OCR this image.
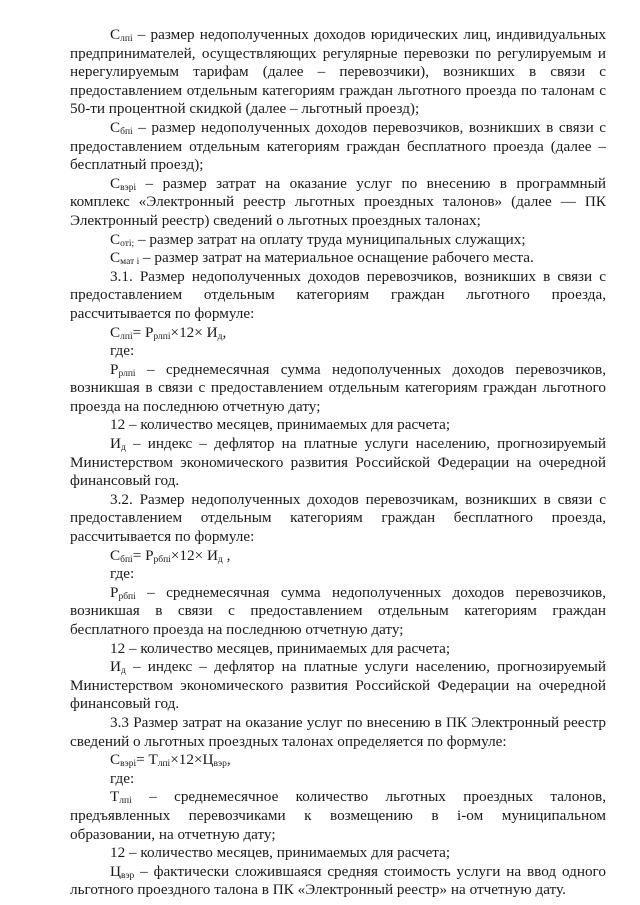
$С_{лпi}$ – размер недополученных доходов юридических лиц, индивидуальных предпринимателей, осуществляющих регулярные перевозки по регулируемым и нерегулируемым тарифам (далее – перевозчики), возникших в связи с предоставлением отдельным категориям граждан льготного проезда по талонам с 50-ти процентной скидкой (далее – льготный проезд);

$С_{бпi}$ – размер недополученных доходов перевозчиков, возникших в связи с предоставлением отдельным категориям граждан бесплатного проезда (далее – бесплатный проезд);

$С_{вэрi}$ – размер затрат на оказание услуг по внесению в программный комплекс «Электронный реестр льготных проездных талонов» (далее — ПК Электронный реестр) сведений о льготных проездных талонах;

$С_{отi;}$ – размер затрат на оплату труда муниципальных служащих;

$С_{мат i}$ – размер затрат на материальное оснащение рабочего места.

3.1. Размер недополученных доходов перевозчиков, возникших в связи с предоставлением отдельным категориям граждан льготного проезда, рассчитывается по формуле:

$С_{лпi}= Р_{рлпi}\times 12\times И_д$,

где:

$Р_{рлпi}$ – среднемесячная сумма недополученных доходов перевозчиков, возникшая в связи с предоставлением отдельным категориям граждан льготного проезда на последнюю отчетную дату;

12 – количество месяцев, принимаемых для расчета;

$И_д$ – индекс – дефлятор на платные услуги населению, прогнозируемый Министерством экономического развития Российской Федерации на очередной финансовый год.

3.2. Размер недополученных доходов перевозчикам, возникших в связи с предоставлением отдельным категориям граждан бесплатного проезда, рассчитывается по формуле:

$С_{бпi}= Р_{рбпi}\times 12\times И_д$ ,

где:

$Р_{рбпi}$ – среднемесячная сумма недополученных доходов перевозчиков, возникшая в связи с предоставлением отдельным категориям граждан бесплатного проезда на последнюю отчетную дату;

12 – количество месяцев, принимаемых для расчета;

$И_д$ – индекс – дефлятор на платные услуги населению, прогнозируемый Министерством экономического развития Российской Федерации на очередной финансовый год.

3.3 Размер затрат на оказание услуг по внесению в ПК Электронный реестр сведений о льготных проездных талонах определяется по формуле:

$С_{вэрi}= Т_{лпi}\times 12\times Ц_{вэр}$,

где:

$Т_{лпi}$ – среднемесячное количество льготных проездных талонов, предъявленных перевозчиками к возмещению в i-ом муниципальном образовании, на отчетную дату;

12 – количество месяцев, принимаемых для расчета;

$Ц_{вэр}$ – фактически сложившаяся средняя стоимость услуги на ввод одного льготного проездного талона в ПК «Электронный реестр» на отчетную дату.
